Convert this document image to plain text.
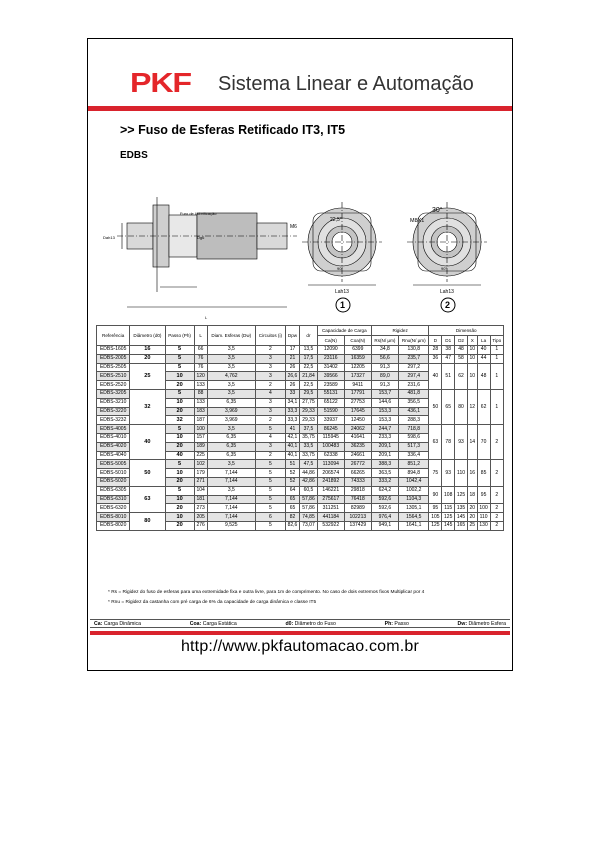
PKF Sistema Linear e Automação
>> Fuso de Esferas Retificado IT3, IT5
EDBS
Dah13	Dg6
Furo de Lubrificação
L
M6
22,5°
90°
Lah13
1
M8X1
30°
90°
Lah13
2
Referência	Diâmetro (d0)	Passo (Ph)	L	Diam. Esferas (Dw)	Circuitos (i)	Dpw	dr	Capacidade de Carga		Rigidez		Dimensão					
								Ca(N)	Coa(N)	Rs(N/ µm)	Rnu(N/ µm)	D	D1	D2	X	La	Tipo
EDBS-1605	16	5	66	3,5	2	17	13,5	12090	6399	34,8	130,8	28	38	48	10	40	1
EDBS-2005	20	5	76	3,5	3	21	17,5	23116	16359	56,6	235,7	36	47	58	10	44	1
EDBS-2505	25	5	76	3,5	3	26	22,5	31402	12205	91,3	297,2	40	51	62	10	48	1
EDBS-2510		10	120	4,762	3	26,6	21,84	39566	17327	89,0	297,4						
EDBS-2520		20	133	3,5	2	26	22,5	23589	9411	91,3	231,6						
EDBS-3205	32	5	88	3,5	4	33	29,5	55131	17791	153,7	481,8	50	65	80	12	62	1
EDBS-3210		10	133	6,35	3	34,1	27,75	65122	27753	144,6	356,5						
EDBS-3220		20	183	3,969	3	33,3	29,33	51590	17645	153,3	436,1						
EDBS-3232		32	187	3,969	2	33,3	29,33	33937	12450	153,3	288,3						
EDBS-4005	40	5	100	3,5	5	41	37,5	86245	24062	244,7	718,8	63	78	93	14	70	2
EDBS-4010		10	157	6,35	4	42,1	35,75	115945	41641	233,3	598,6						
EDBS-4020		20	189	6,35	3	40,1	33,5	100483	36235	209,1	517,3						
EDBS-4040		40	225	6,35	2	40,1	33,75	62338	24661	209,1	336,4						
EDBS-5005	50	5	102	3,5	5	51	47,5	113094	26772	388,3	851,2	75	93	110	16	85	2
EDBS-5010		10	179	7,144	5	52	44,86	206574	66265	363,5	894,8						
EDBS-5020		20	271	7,144	5	52	42,86	241892	74333	333,2	1042,4						
EDBS-6305	63	5	104	3,5	5	64	60,5	146221	29818	624,2	1002,2	90	108	125	18	95	2
EDBS-6310		10	181	7,144	5	65	57,86	275617	76418	592,6	1104,3						
EDBS-6320		20	273	7,144	5	65	57,86	311251	82989	592,6	1305,1	95	115	135	20	100	2
EDBS-8010	80	10	205	7,144	6	82	74,85	441184	102213	976,4	1564,5	105	125	145	20	110	2
EDBS-8020		20	276	9,525	5	82,6	73,07	532922	137429	949,1	1641,1	125	145	165	25	130	2
* Rs = Rigidez do fuso de esferas para uma extremidade fixa e outra livre, para 1m de comprimento. No caso de dois extremos fixos Multiplicar por 4
* Rnu = Rigidez da castanha com pré carga de 6% da capacidade de carga dinâmica e classe IT5
Ca: Carga Dinâmica	Coa: Carga Estática	d0: Diâmetro do Fuso	Ph: Passo	Dw: Diâmetro Esfera
http://www.pkfautomacao.com.br
